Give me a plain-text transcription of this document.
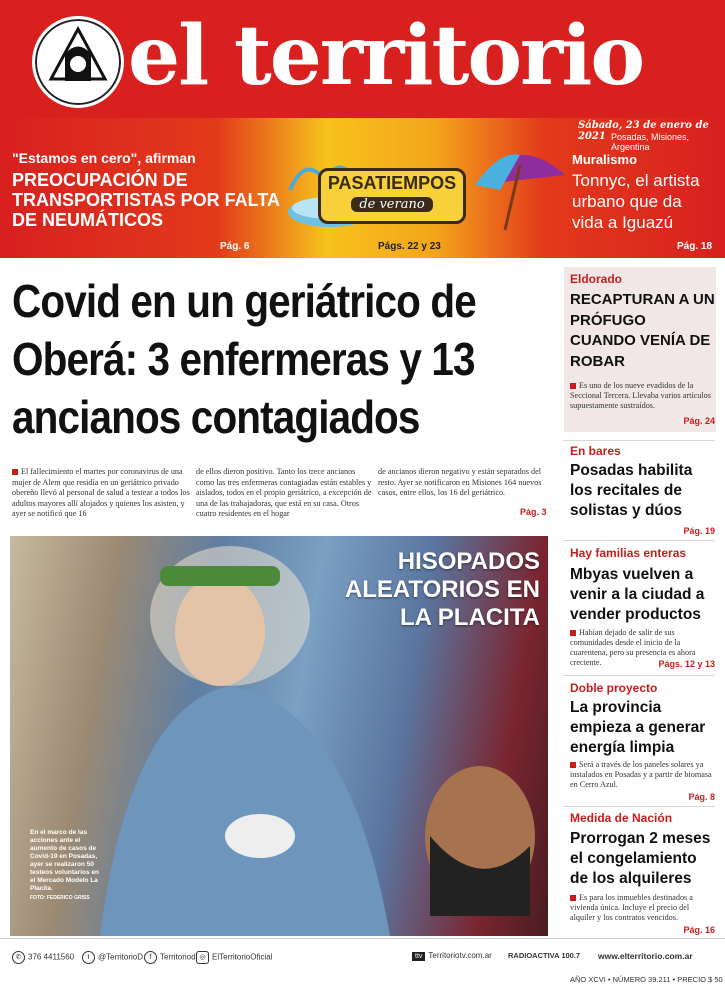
el territorio
Sábado, 23 de enero de 2021 Posadas, Misiones, Argentina
"Estamos en cero", afirman
PREOCUPACIÓN DE TRANSPORTISTAS POR FALTA DE NEUMÁTICOS
Pág. 6
PASATIEMPOS
de verano
Págs. 22 y 23
Muralismo
Tonnyc, el artista urbano que da vida a Iguazú
Pág. 18
Covid en un geriátrico de Oberá: 3 enfermeras y 13 ancianos contagiados
El fallecimiento el martes por coronavirus de una mujer de Alem que residía en un geriátrico privado obereño llevó al personal de salud a testear a todos los adultos mayores allí alojados y quienes los asisten, y ayer se notificó que 16
de ellos dieron positivo. Tanto los trece ancianos como las tres enfermeras contagiadas están estables y aislados, todos en el propio geriátrico, a excepción de una de las trabajadoras, que está en su casa. Otros cuatro residentes en el hogar
de ancianos dieron negativo y están separados del resto. Ayer se notificaron en Misiones 164 nuevos casos, entre ellos, los 16 del geriátrico.
Pág. 3
HISOPADOS ALEATORIOS EN LA PLACITA
En el marco de las acciones ante el aumento de casos de Covid-19 en Posadas, ayer se realizaron 50 testeos voluntarios en el Mercado Modelo La Placita.
FOTO: FEDERICO GRISS
Eldorado
RECAPTURAN A UN PRÓFUGO CUANDO VENÍA DE ROBAR
Es uno de los nueve evadidos de la Seccional Tercera. Llevaba varios artículos supuestamente sustraídos.
Pág. 24
En bares
Posadas habilita los recitales de solistas y dúos
Pág. 19
Hay familias enteras
Mbyas vuelven a venir a la ciudad a vender productos
Habían dejado de salir de sus comunidades desde el inicio de la cuarentena, pero su presencia es ahora creciente.	Págs. 12 y 13
Doble proyecto
La provincia empieza a generar energía limpia
Será a través de los paneles solares ya instalados en Posadas y a partir de biomasa en Cerro Azul.
Pág. 8
Medida de Nación
Prorrogan 2 meses el congelamiento de los alquileres
Es para los inmuebles destinados a vivienda única. Incluye el precio del alquiler y los contratos vencidos.
Pág. 16
✆ 376 4411560	t @TerritorioD f Territoriod ◎ ElTerritorioOficial	ttv Territoriotv.com.ar RADIOACTIVA 100.7 www.elterritorio.com.ar
AÑO XCVI • NÚMERO 39.211 • PRECIO $ 50
